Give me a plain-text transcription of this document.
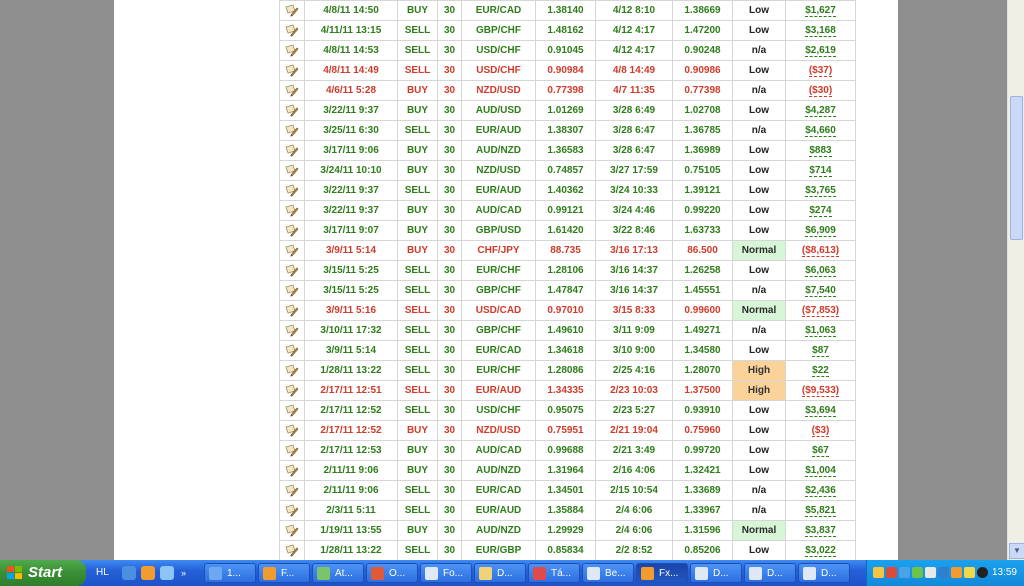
	4/8/11 14:50	BUY	30	EUR/CAD	1.38140	4/12 8:10	1.38669	Low	$1,627

	4/11/11 13:15	SELL	30	GBP/CHF	1.48162	4/12 4:17	1.47200	Low	$3,168

	4/8/11 14:53	SELL	30	USD/CHF	0.91045	4/12 4:17	0.90248	n/a	$2,619

	4/8/11 14:49	SELL	30	USD/CHF	0.90984	4/8 14:49	0.90986	Low	($37)

	4/6/11 5:28	BUY	30	NZD/USD	0.77398	4/7 11:35	0.77398	n/a	($30)

	3/22/11 9:37	BUY	30	AUD/USD	1.01269	3/28 6:49	1.02708	Low	$4,287

	3/25/11 6:30	SELL	30	EUR/AUD	1.38307	3/28 6:47	1.36785	n/a	$4,660

	3/17/11 9:06	BUY	30	AUD/NZD	1.36583	3/28 6:47	1.36989	Low	$883

	3/24/11 10:10	BUY	30	NZD/USD	0.74857	3/27 17:59	0.75105	Low	$714

	3/22/11 9:37	SELL	30	EUR/AUD	1.40362	3/24 10:33	1.39121	Low	$3,765

	3/22/11 9:37	BUY	30	AUD/CAD	0.99121	3/24 4:46	0.99220	Low	$274

	3/17/11 9:07	BUY	30	GBP/USD	1.61420	3/22 8:46	1.63733	Low	$6,909

	3/9/11 5:14	BUY	30	CHF/JPY	88.735	3/16 17:13	86.500	Normal	($8,613)

	3/15/11 5:25	SELL	30	EUR/CHF	1.28106	3/16 14:37	1.26258	Low	$6,063

	3/15/11 5:25	SELL	30	GBP/CHF	1.47847	3/16 14:37	1.45551	n/a	$7,540

	3/9/11 5:16	SELL	30	USD/CAD	0.97010	3/15 8:33	0.99600	Normal	($7,853)

	3/10/11 17:32	SELL	30	GBP/CHF	1.49610	3/11 9:09	1.49271	n/a	$1,063

	3/9/11 5:14	SELL	30	EUR/CAD	1.34618	3/10 9:00	1.34580	Low	$87

	1/28/11 13:22	SELL	30	EUR/CHF	1.28086	2/25 4:16	1.28070	High	$22

	2/17/11 12:51	SELL	30	EUR/AUD	1.34335	2/23 10:03	1.37500	High	($9,533)

	2/17/11 12:52	SELL	30	USD/CHF	0.95075	2/23 5:27	0.93910	Low	$3,694

	2/17/11 12:52	BUY	30	NZD/USD	0.75951	2/21 19:04	0.75960	Low	($3)

	2/17/11 12:53	BUY	30	AUD/CAD	0.99688	2/21 3:49	0.99720	Low	$67

	2/11/11 9:06	BUY	30	AUD/NZD	1.31964	2/16 4:06	1.32421	Low	$1,004

	2/11/11 9:06	SELL	30	EUR/CAD	1.34501	2/15 10:54	1.33689	n/a	$2,436

	2/3/11 5:11	SELL	30	EUR/AUD	1.35884	2/4 6:06	1.33967	n/a	$5,821

	1/19/11 13:55	BUY	30	AUD/NZD	1.29929	2/4 6:06	1.31596	Normal	$3,837

	1/28/11 13:22	SELL	30	EUR/GBP	0.85834	2/2 8:52	0.85206	Low	$3,022	▼
Start	HL	»	1...	F...	At...	O...	Fo...	D...	Tá...	Be...	Fx...	D...	D...	D...	13:59
